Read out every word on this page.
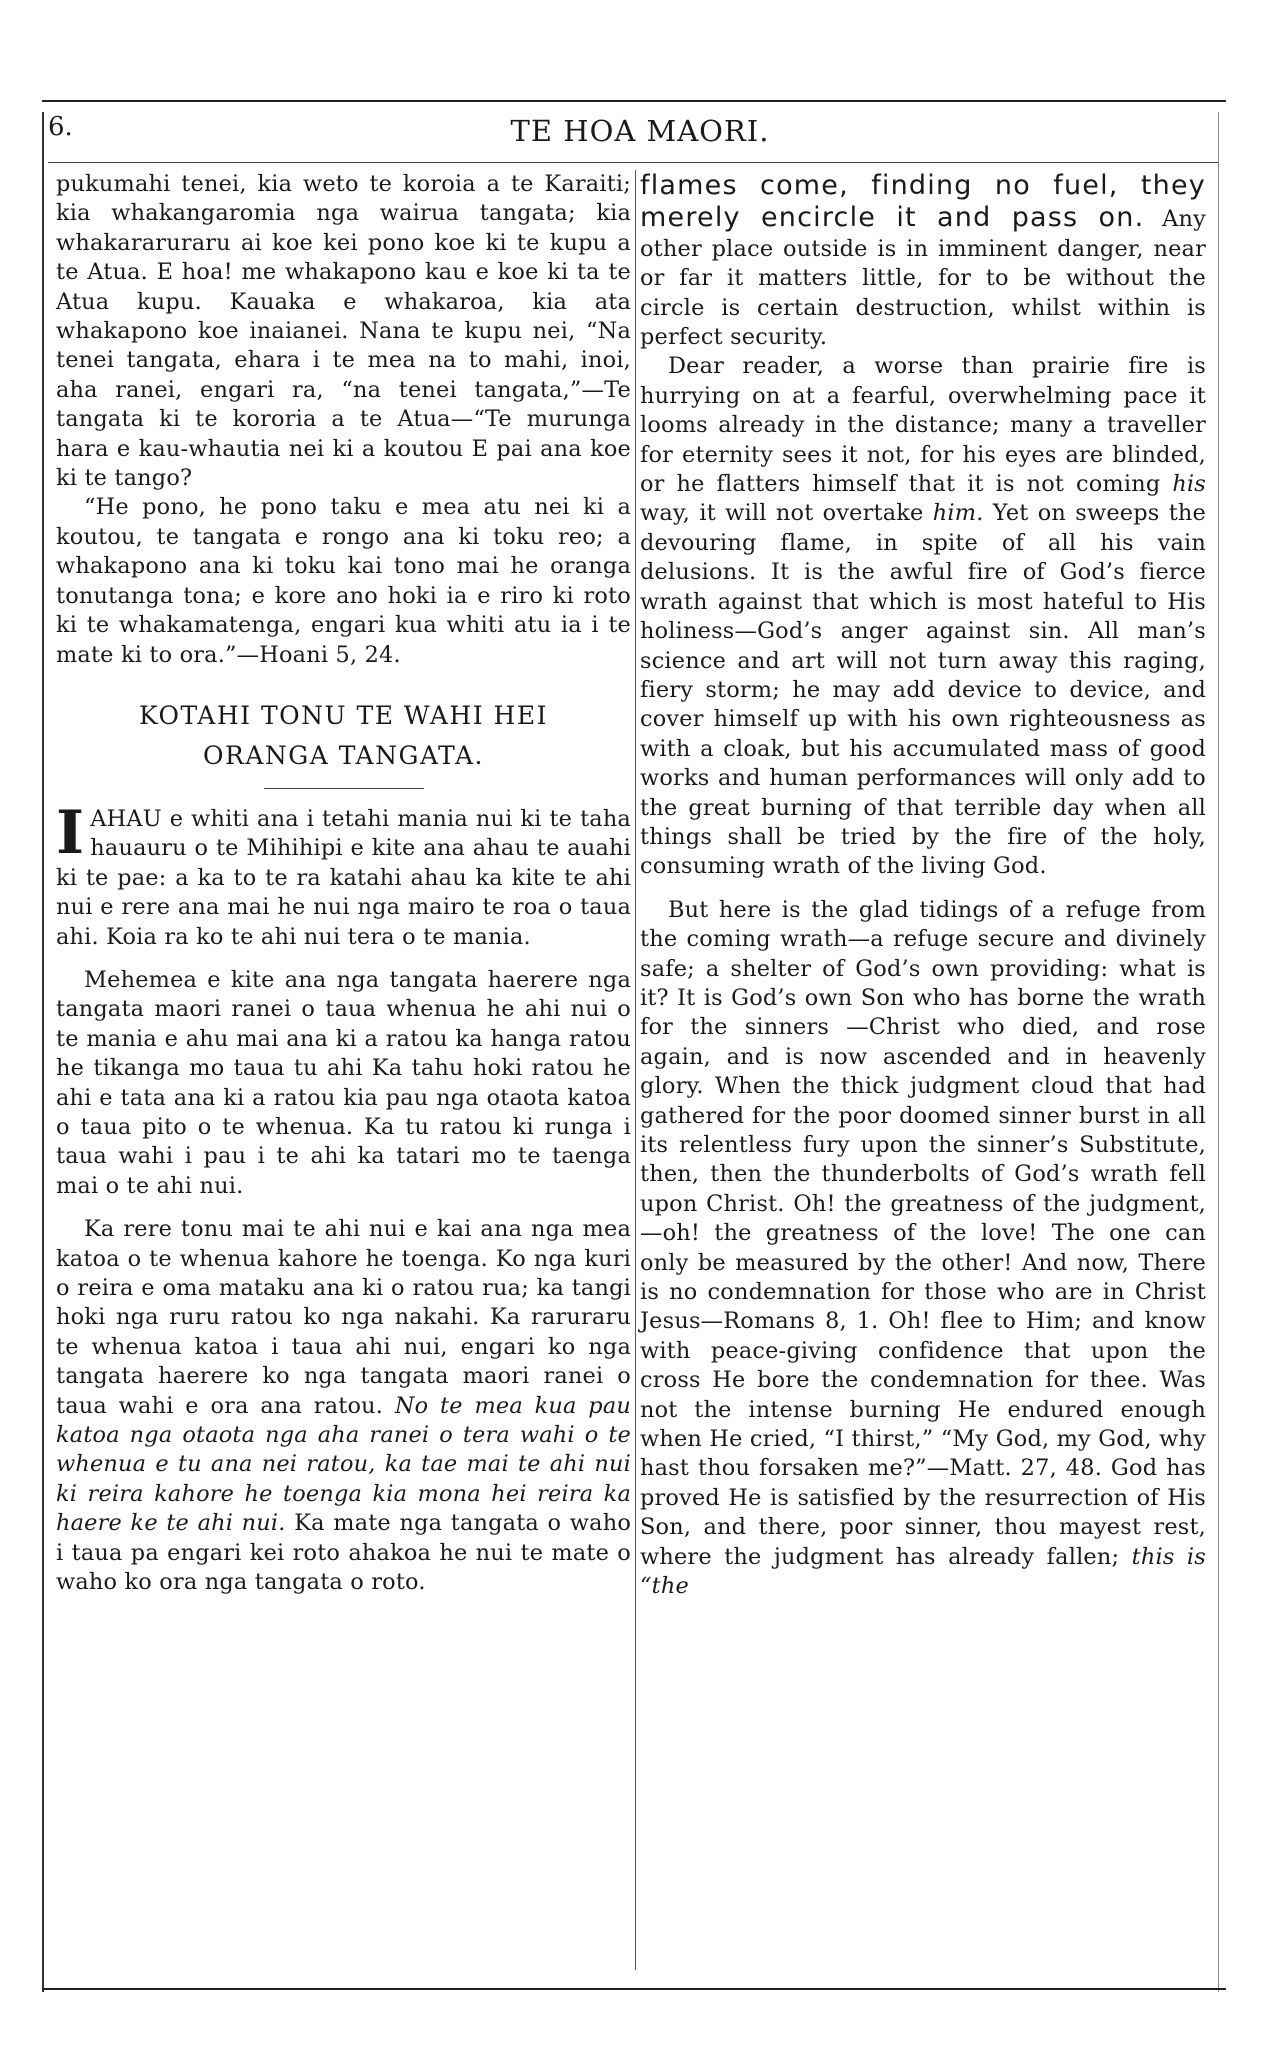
6.	TE HOA MAORI.

pukumahi tenei, kia weto te koroia a te Karaiti; kia whakangaromia nga wairua tangata; kia whakararuraru ai koe kei pono koe ki te kupu a te Atua. E hoa! me whakapono kau e koe ki ta te Atua kupu. Kauaka e whakaroa, kia ata whakapono koe inaianei. Nana te kupu nei, “Na tenei tangata, ehara i te mea na to mahi, inoi, aha ranei, engari ra, “na tenei tangata,”—Te tangata ki te kororia a te Atua—“Te murunga hara e kau-whautia nei ki a koutou E pai ana koe ki te tango?

“He pono, he pono taku e mea atu nei ki a koutou, te tangata e rongo ana ki toku reo; a whakapono ana ki toku kai tono mai he oranga tonutanga tona; e kore ano hoki ia e riro ki roto ki te whakamatenga, engari kua whiti atu ia i te mate ki to ora.”—Hoani 5, 24.

KOTAHI TONU TE WAHI HEI
ORANGA TANGATA.

IAHAU e whiti ana i tetahi mania nui ki te taha hauauru o te Mihihipi e kite ana ahau te auahi ki te pae: a ka to te ra katahi ahau ka kite te ahi nui e rere ana mai he nui nga mairo te roa o taua ahi. Koia ra ko te ahi nui tera o te mania.

Mehemea e kite ana nga tangata haerere nga tangata maori ranei o taua whenua he ahi nui o te mania e ahu mai ana ki a ratou ka hanga ratou he tikanga mo taua tu ahi Ka tahu hoki ratou he ahi e tata ana ki a ratou kia pau nga otaota katoa o taua pito o te whenua. Ka tu ratou ki runga i taua wahi i pau i te ahi ka tatari mo te taenga mai o te ahi nui.

Ka rere tonu mai te ahi nui e kai ana nga mea katoa o te whenua kahore he toenga. Ko nga kuri o reira e oma mataku ana ki o ratou rua; ka tangi hoki nga ruru ratou ko nga nakahi. Ka raruraru te whenua katoa i taua ahi nui, engari ko nga tangata haerere ko nga tangata maori ranei o taua wahi e ora ana ratou. No te mea kua pau katoa nga otaota nga aha ranei o tera wahi o te whenua e tu ana nei ratou, ka tae mai te ahi nui ki reira kahore he toenga kia mona hei reira ka haere ke te ahi nui. Ka mate nga tangata o waho i taua pa engari kei roto ahakoa he nui te mate o waho ko ora nga tangata o roto.

flames come, finding no fuel, they merely encircle it and pass on. Any other place outside is in imminent danger, near or far it matters little, for to be without the circle is certain destruction, whilst within is perfect security.

Dear reader, a worse than prairie fire is hurrying on at a fearful, overwhelming pace it looms already in the distance; many a traveller for eternity sees it not, for his eyes are blinded, or he flatters himself that it is not coming his way, it will not overtake him. Yet on sweeps the devouring flame, in spite of all his vain delusions. It is the awful fire of God’s fierce wrath against that which is most hateful to His holiness—God’s anger against sin. All man’s science and art will not turn away this raging, fiery storm; he may add device to device, and cover himself up with his own righteousness as with a cloak, but his accumulated mass of good works and human performances will only add to the great burning of that terrible day when all things shall be tried by the fire of the holy, consuming wrath of the living God.

But here is the glad tidings of a refuge from the coming wrath—a refuge secure and divinely safe; a shelter of God’s own providing: what is it? It is God’s own Son who has borne the wrath for the sinners —Christ who died, and rose again, and is now ascended and in heavenly glory. When the thick judgment cloud that had gathered for the poor doomed sinner burst in all its relentless fury upon the sinner’s Substitute, then, then the thunderbolts of God’s wrath fell upon Christ. Oh! the greatness of the judgment,—oh! the greatness of the love! The one can only be measured by the other! And now, There is no condemnation for those who are in Christ Jesus—Romans 8, 1. Oh! flee to Him; and know with peace-giving confidence that upon the cross He bore the condemnation for thee. Was not the intense burning He endured enough when He cried, “I thirst,” “My God, my God, why hast thou forsaken me?”—Matt. 27, 48. God has proved He is satisfied by the resurrection of His Son, and there, poor sinner, thou mayest rest, where the judgment has already fallen; this is “the
